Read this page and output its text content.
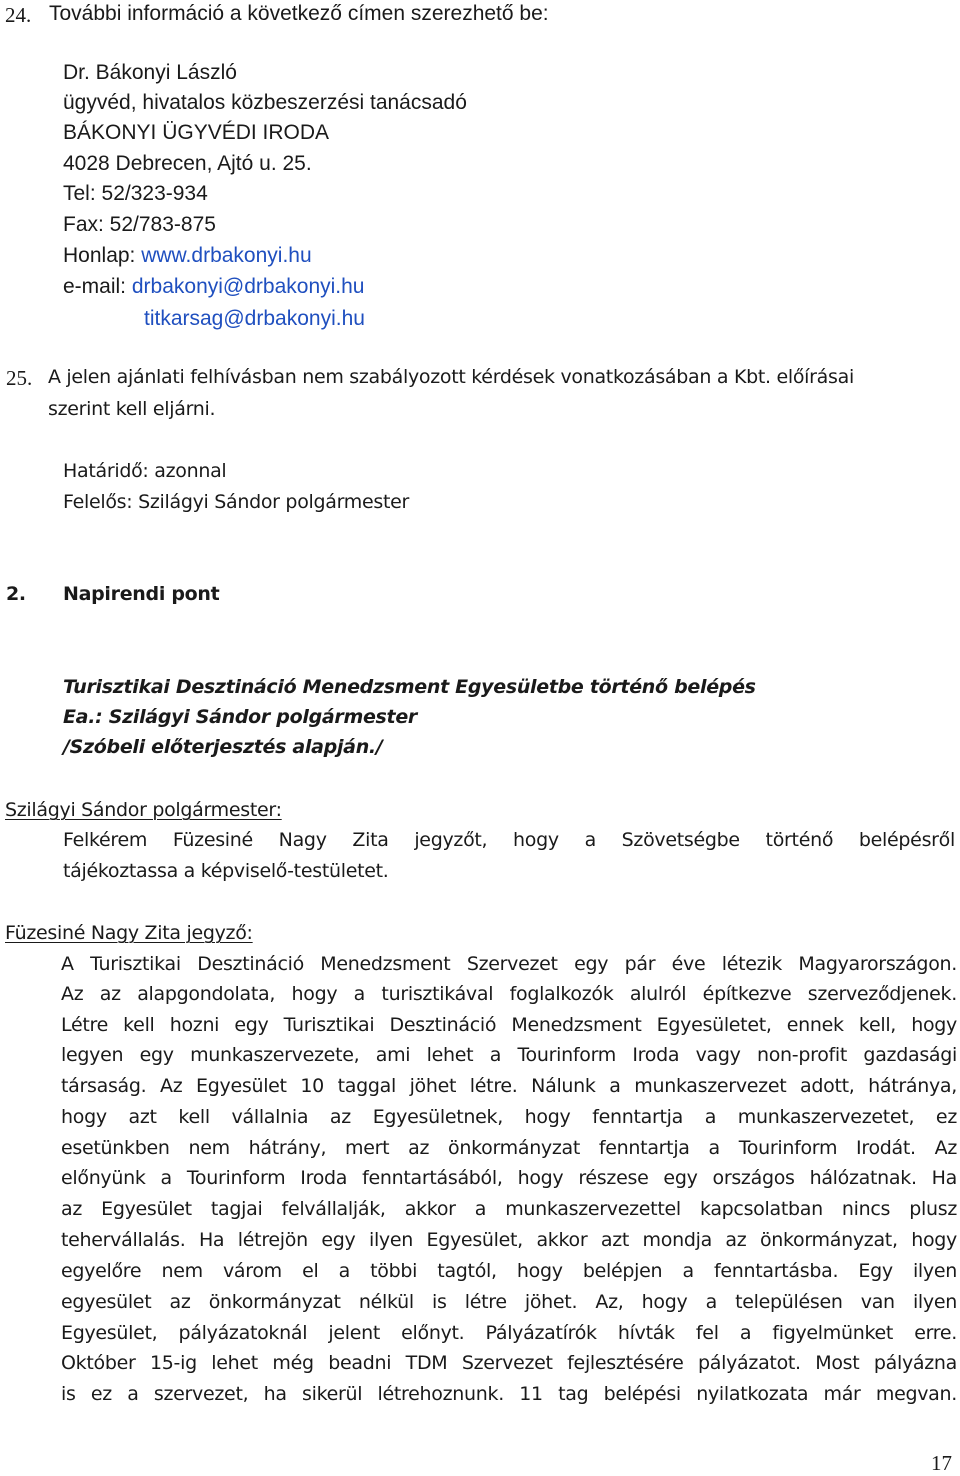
24. További információ a következő címen szerezhető be:
Dr. Bákonyi László
ügyvéd, hivatalos közbeszerzési tanácsadó
BÁKONYI ÜGYVÉDI IRODA
4028 Debrecen, Ajtó u. 25.
Tel: 52/323-934
Fax: 52/783-875
Honlap: www.drbakonyi.hu
e-mail: drbakonyi@drbakonyi.hu
titkarsag@drbakonyi.hu
25. A jelen ajánlati felhívásban nem szabályozott kérdések vonatkozásában a Kbt. előírásai
szerint kell eljárni.
Határidő: azonnal
Felelős: Szilágyi Sándor polgármester
2. Napirendi pont
Turisztikai Desztináció Menedzsment Egyesületbe történő belépés
Ea.: Szilágyi Sándor polgármester
/Szóbeli előterjesztés alapján./
Szilágyi Sándor polgármester:
Felkérem Füzesiné Nagy Zita jegyzőt, hogy a Szövetségbe történő belépésről
tájékoztassa a képviselő-testületet.
Füzesiné Nagy Zita jegyző:
A Turisztikai Desztináció Menedzsment Szervezet egy pár éve létezik Magyarországon.
Az az alapgondolata, hogy a turisztikával foglalkozók alulról építkezve szerveződjenek.
Létre kell hozni egy Turisztikai Desztináció Menedzsment Egyesületet, ennek kell, hogy
legyen egy munkaszervezete, ami lehet a Tourinform Iroda vagy non-profit gazdasági
társaság. Az Egyesület 10 taggal jöhet létre. Nálunk a munkaszervezet adott, hátránya,
hogy azt kell vállalnia az Egyesületnek, hogy fenntartja a munkaszervezetet, ez
esetünkben nem hátrány, mert az önkormányzat fenntartja a Tourinform Irodát. Az
előnyünk a Tourinform Iroda fenntartásából, hogy részese egy országos hálózatnak. Ha
az Egyesület tagjai felvállalják, akkor a munkaszervezettel kapcsolatban nincs plusz
tehervállalás. Ha létrejön egy ilyen Egyesület, akkor azt mondja az önkormányzat, hogy
egyelőre nem várom el a többi tagtól, hogy belépjen a fenntartásba. Egy ilyen
egyesület az önkormányzat nélkül is létre jöhet. Az, hogy a településen van ilyen
Egyesület, pályázatoknál jelent előnyt. Pályázatírók hívták fel a figyelmünket erre.
Október 15-ig lehet még beadni TDM Szervezet fejlesztésére pályázatot. Most pályázna
is ez a szervezet, ha sikerül létrehoznunk. 11 tag belépési nyilatkozata már megvan.
17
